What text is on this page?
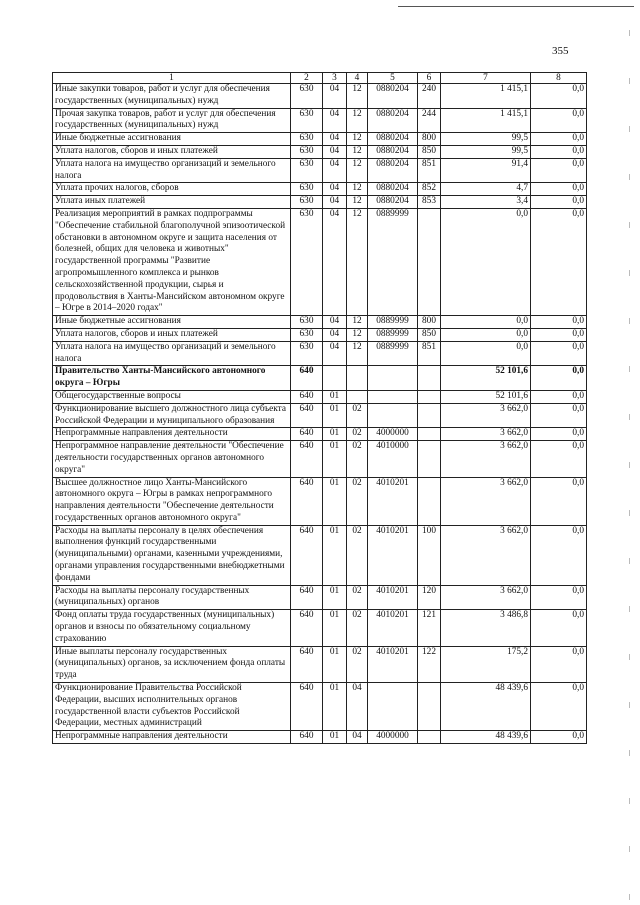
355
1	2	3	4	5	6	7	8
Иные закупки товаров, работ и услуг для обеспечения государственных (муниципальных) нужд	630	04	12	0880204	240	1 415,1	0,0
Прочая закупка товаров, работ и услуг для обеспечения государственных (муниципальных) нужд	630	04	12	0880204	244	1 415,1	0,0
Иные бюджетные ассигнования	630	04	12	0880204	800	99,5	0,0
Уплата налогов, сборов и иных платежей	630	04	12	0880204	850	99,5	0,0
Уплата налога на имущество организаций и земельного налога	630	04	12	0880204	851	91,4	0,0
Уплата прочих налогов, сборов	630	04	12	0880204	852	4,7	0,0
Уплата иных платежей	630	04	12	0880204	853	3,4	0,0
Реализация мероприятий в рамках подпрограммы "Обеспечение стабильной благополучной эпизоотической обстановки в автономном округе и защита населения от болезней, общих для человека и животных" государственной программы "Развитие агропромышленного комплекса и рынков сельскохозяйственной продукции, сырья и продовольствия в Ханты-Мансийском автономном округе – Югре в 2014–2020 годах"	630	04	12	0889999		0,0	0,0
Иные бюджетные ассигнования	630	04	12	0889999	800	0,0	0,0
Уплата налогов, сборов и иных платежей	630	04	12	0889999	850	0,0	0,0
Уплата налога на имущество организаций и земельного налога	630	04	12	0889999	851	0,0	0,0
Правительство Ханты-Мансийского автономного округа – Югры	640					52 101,6	0,0
Общегосударственные вопросы	640	01				52 101,6	0,0
Функционирование высшего должностного лица субъекта Российской Федерации и муниципального образования	640	01	02			3 662,0	0,0
Непрограммные направления деятельности	640	01	02	4000000		3 662,0	0,0
Непрограммное направление деятельности "Обеспечение деятельности государственных органов автономного округа"	640	01	02	4010000		3 662,0	0,0
Высшее должностное лицо Ханты-Мансийского автономного округа – Югры в рамках непрограммного направления деятельности "Обеспечение деятельности государственных органов автономного округа"	640	01	02	4010201		3 662,0	0,0
Расходы на выплаты персоналу в целях обеспечения выполнения функций государственными (муниципальными) органами, казенными учреждениями, органами управления государственными внебюджетными фондами	640	01	02	4010201	100	3 662,0	0,0
Расходы на выплаты персоналу государственных (муниципальных) органов	640	01	02	4010201	120	3 662,0	0,0
Фонд оплаты труда государственных (муниципальных) органов и взносы по обязательному социальному страхованию	640	01	02	4010201	121	3 486,8	0,0
Иные выплаты персоналу государственных (муниципальных) органов, за исключением фонда оплаты труда	640	01	02	4010201	122	175,2	0,0
Функционирование Правительства Российской Федерации, высших исполнительных органов государственной власти субъектов Российской Федерации, местных администраций	640	01	04			48 439,6	0,0
Непрограммные направления деятельности	640	01	04	4000000		48 439,6	0,0
